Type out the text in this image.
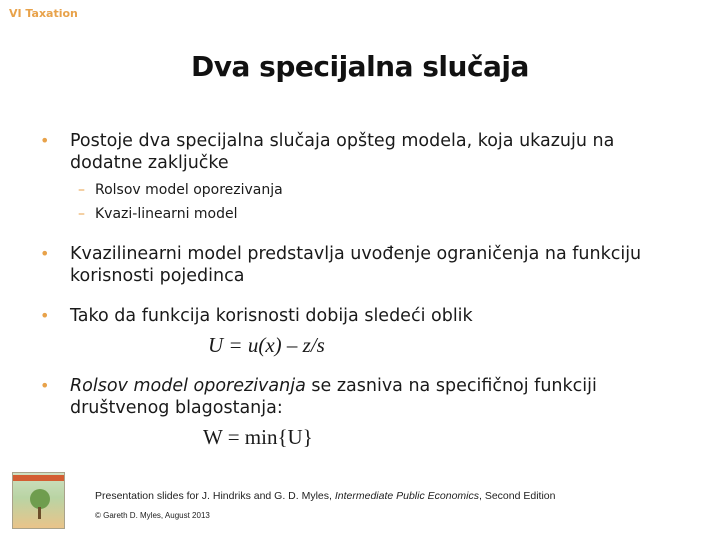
VI Taxation
Dva specijalna slučaja
• Postoje dva specijalna slučaja opšteg modela, koja ukazuju na dodatne zaključke
– Rolsov model oporezivanja
– Kvazi-linearni model
• Kvazilinearni model predstavlja uvođenje ograničenja na funkciju korisnosti pojedinca
• Tako da funkcija korisnosti dobija sledeći oblik
U = u(x) – z/s
• Rolsov model oporezivanja se zasniva na specifičnoj funkciji društvenog blagostanja:
W = min{U}
Presentation slides for J. Hindriks and G. D. Myles, Intermediate Public Economics, Second Edition
© Gareth D. Myles, August 2013
